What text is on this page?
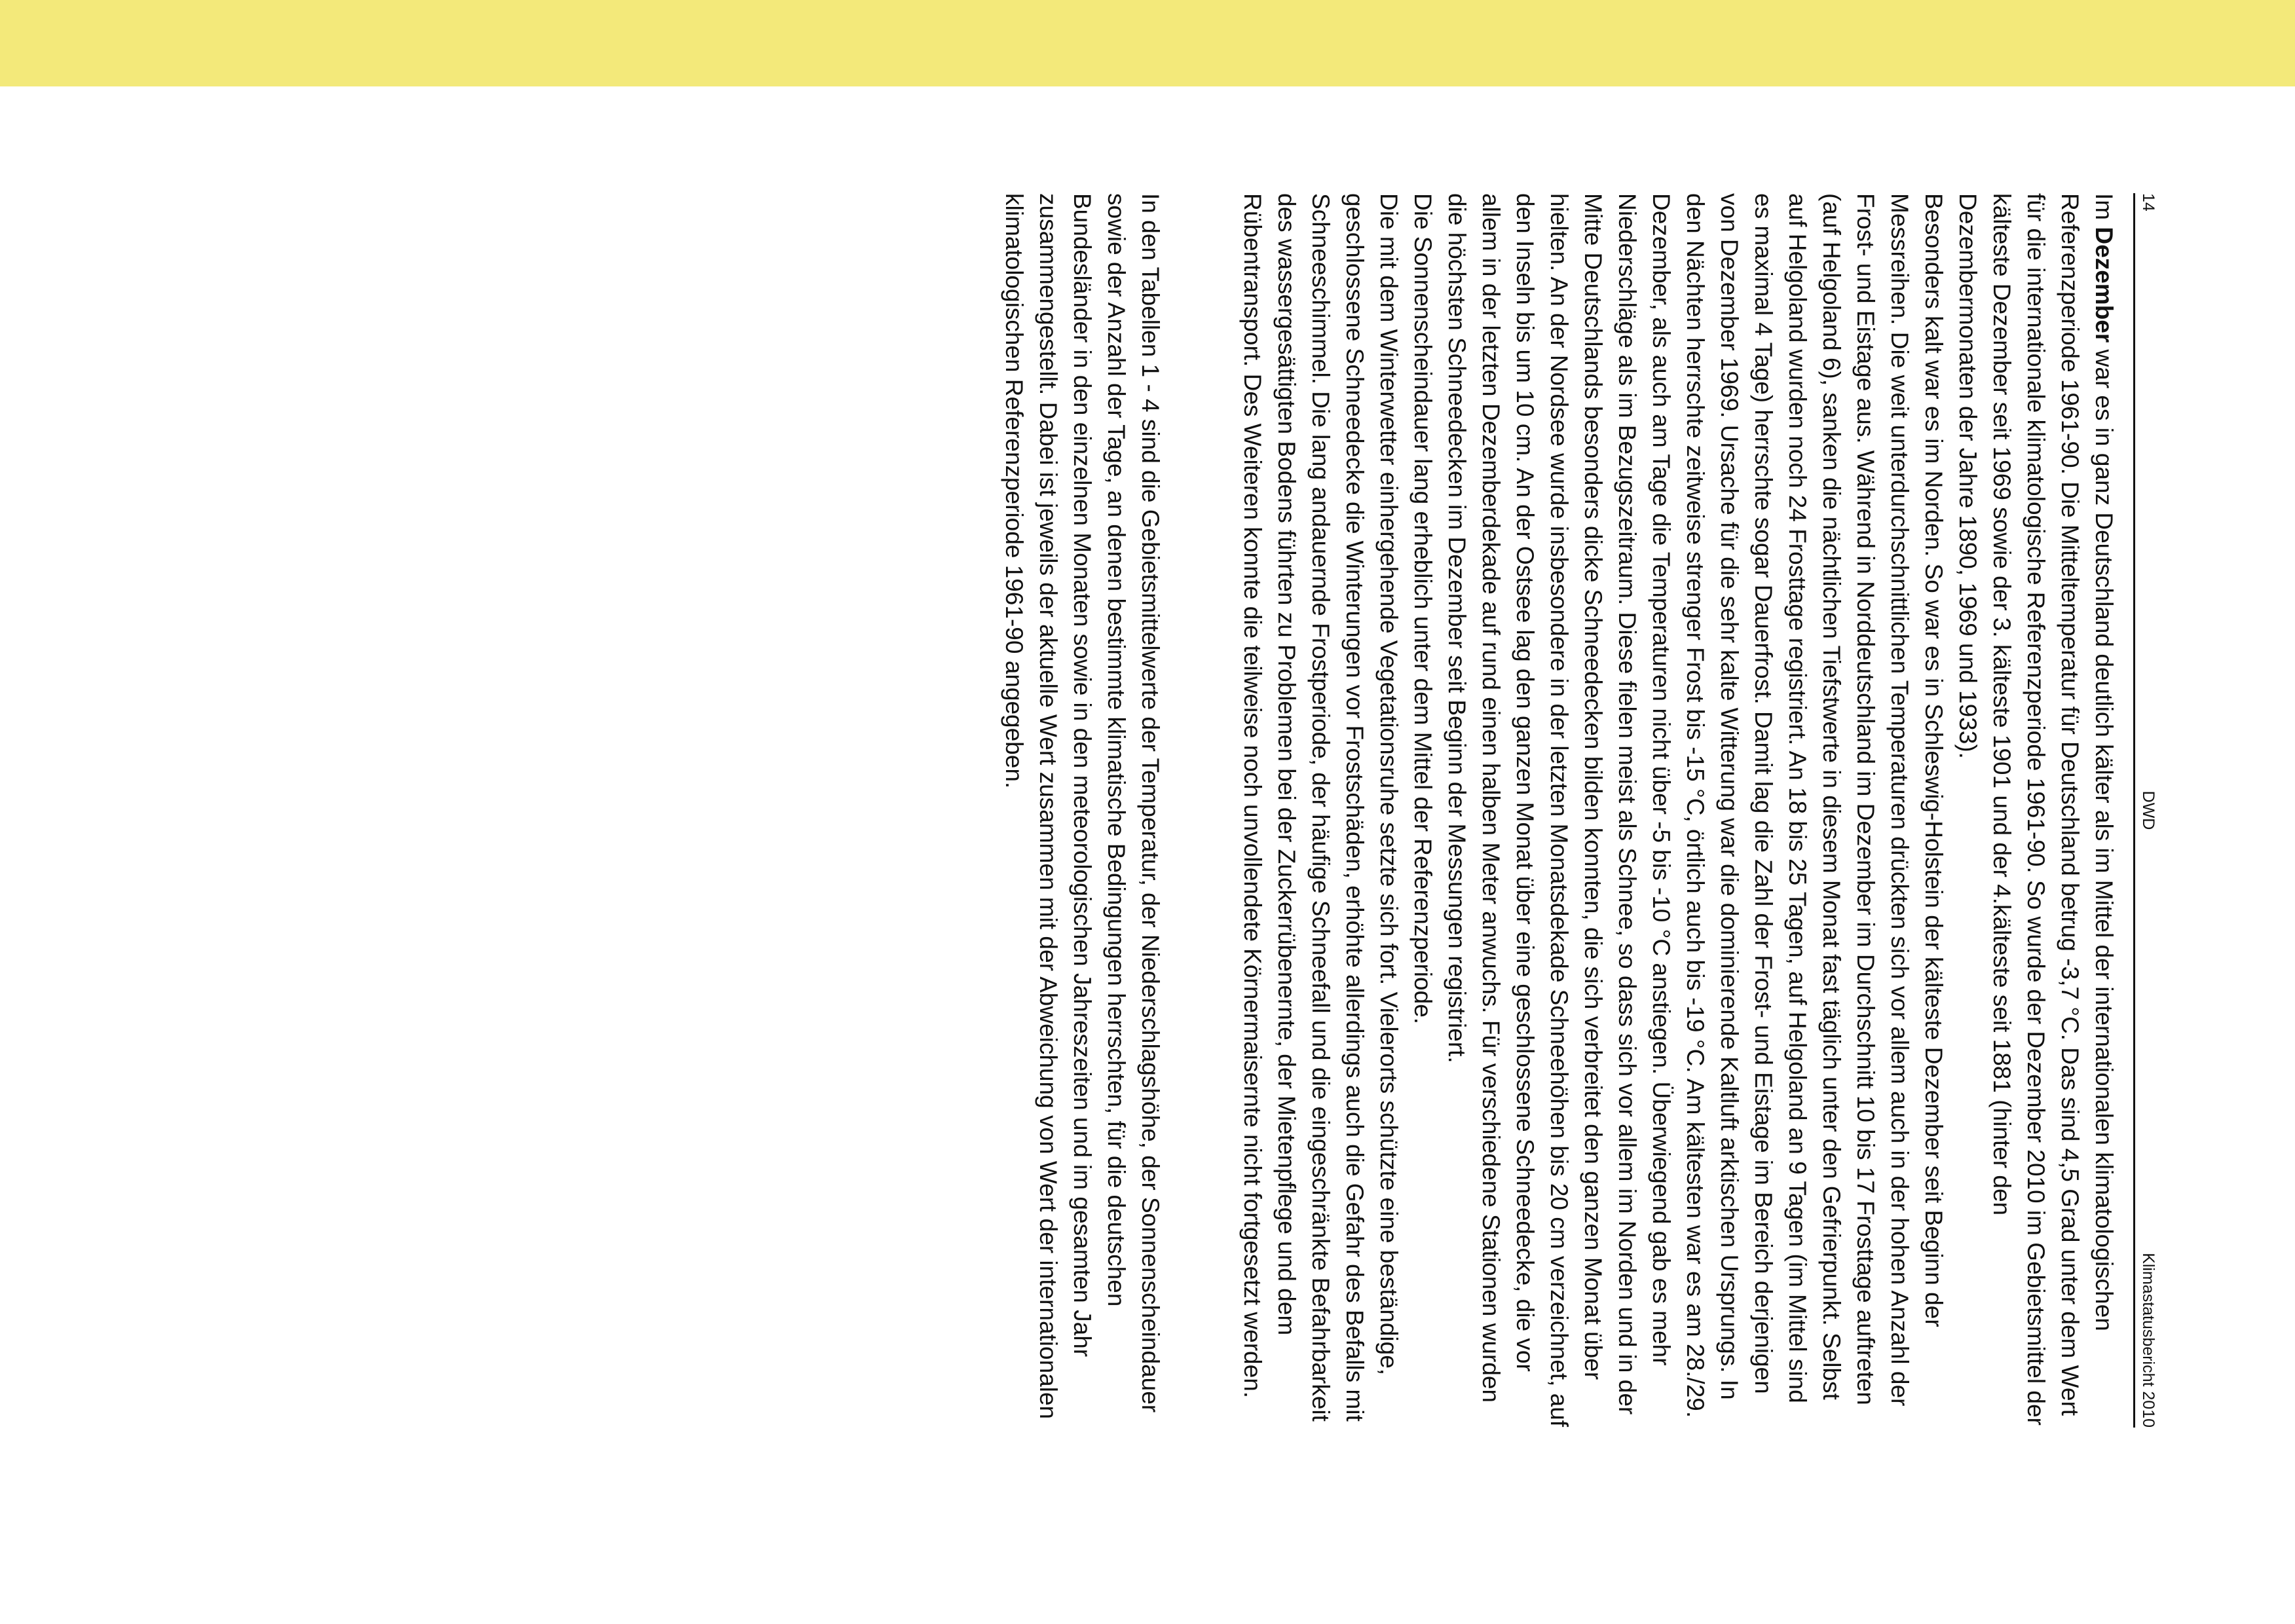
14
DWD
Klimastatusbericht 2010

Im Dezember war es in ganz Deutschland deutlich kälter als im Mittel der internationalen klimatologischen Referenzperiode 1961-90. Die Mitteltemperatur für Deutschland betrug -3,7 °C. Das sind 4,5 Grad unter dem Wert für die internationale klimatologische Referenzperiode 1961-90. So wurde der Dezember 2010 im Gebietsmittel der kälteste Dezember seit 1969 sowie der 3. kälteste 1901 und der 4.kälteste seit 1881 (hinter den Dezembermonaten der Jahre 1890, 1969 und 1933).

Besonders kalt war es im Norden. So war es in Schleswig-Holstein der kälteste Dezember seit Beginn der Messreihen. Die weit unterdurchschnittlichen Temperaturen drückten sich vor allem auch in der hohen Anzahl der Frost- und Eistage aus. Während in Norddeutschland im Dezember im Durchschnitt 10 bis 17 Frosttage auftreten (auf Helgoland 6), sanken die nächtlichen Tiefstwerte in diesem Monat fast täglich unter den Gefrierpunkt. Selbst auf Helgoland wurden noch 24 Frosttage registriert. An 18 bis 25 Tagen, auf Helgoland an 9 Tagen (im Mittel sind es maximal 4 Tage) herrschte sogar Dauerfrost. Damit lag die Zahl der Frost- und Eistage im Bereich derjenigen von Dezember 1969. Ursache für die sehr kalte Witterung war die dominierende Kaltluft arktischen Ursprungs. In den Nächten herrschte zeitweise strenger Frost bis -15 °C, örtlich auch bis -19 °C. Am kältesten war es am 28./29. Dezember, als auch am Tage die Temperaturen nicht über -5 bis -10 °C anstiegen. Überwiegend gab es mehr Niederschläge als im Bezugszeitraum. Diese fielen meist als Schnee, so dass sich vor allem im Norden und in der Mitte Deutschlands besonders dicke Schneedecken bilden konnten, die sich verbreitet den ganzen Monat über hielten. An der Nordsee wurde insbesondere in der letzten Monatsdekade Schneehöhen bis 20 cm verzeichnet, auf den Inseln bis um 10 cm. An der Ostsee lag den ganzen Monat über eine geschlossene Schneedecke, die vor allem in der letzten Dezemberdekade auf rund einen halben Meter anwuchs. Für verschiedene Stationen wurden die höchsten Schneedecken im Dezember seit Beginn der Messungen registriert.

Die Sonnenscheindauer lang erheblich unter dem Mittel der Referenzperiode.

Die mit dem Winterwetter einhergehende Vegetationsruhe setzte sich fort. Vielerorts schützte eine beständige, geschlossene Schneedecke die Winterungen vor Frostschäden, erhöhte allerdings auch die Gefahr des Befalls mit Schneeschimmel. Die lang andauernde Frostperiode, der häufige Schneefall und die eingeschränkte Befahrbarkeit des wassergesättigten Bodens führten zu Problemen bei der Zuckerrübenernte, der Mietenpflege und dem Rübentransport. Des Weiteren konnte die teilweise noch unvollendete Körnermaisernte nicht fortgesetzt werden.

In den Tabellen 1 - 4 sind die Gebietsmittelwerte der Temperatur, der Niederschlagshöhe, der Sonnenscheindauer sowie der Anzahl der Tage, an denen bestimmte klimatische Bedingungen herrschten, für die deutschen Bundesländer in den einzelnen Monaten sowie in den meteorologischen Jahreszeiten und im gesamten Jahr zusammengestellt. Dabei ist jeweils der aktuelle Wert zusammen mit der Abweichung von Wert der internationalen klimatologischen Referenzperiode 1961-90 angegeben.
